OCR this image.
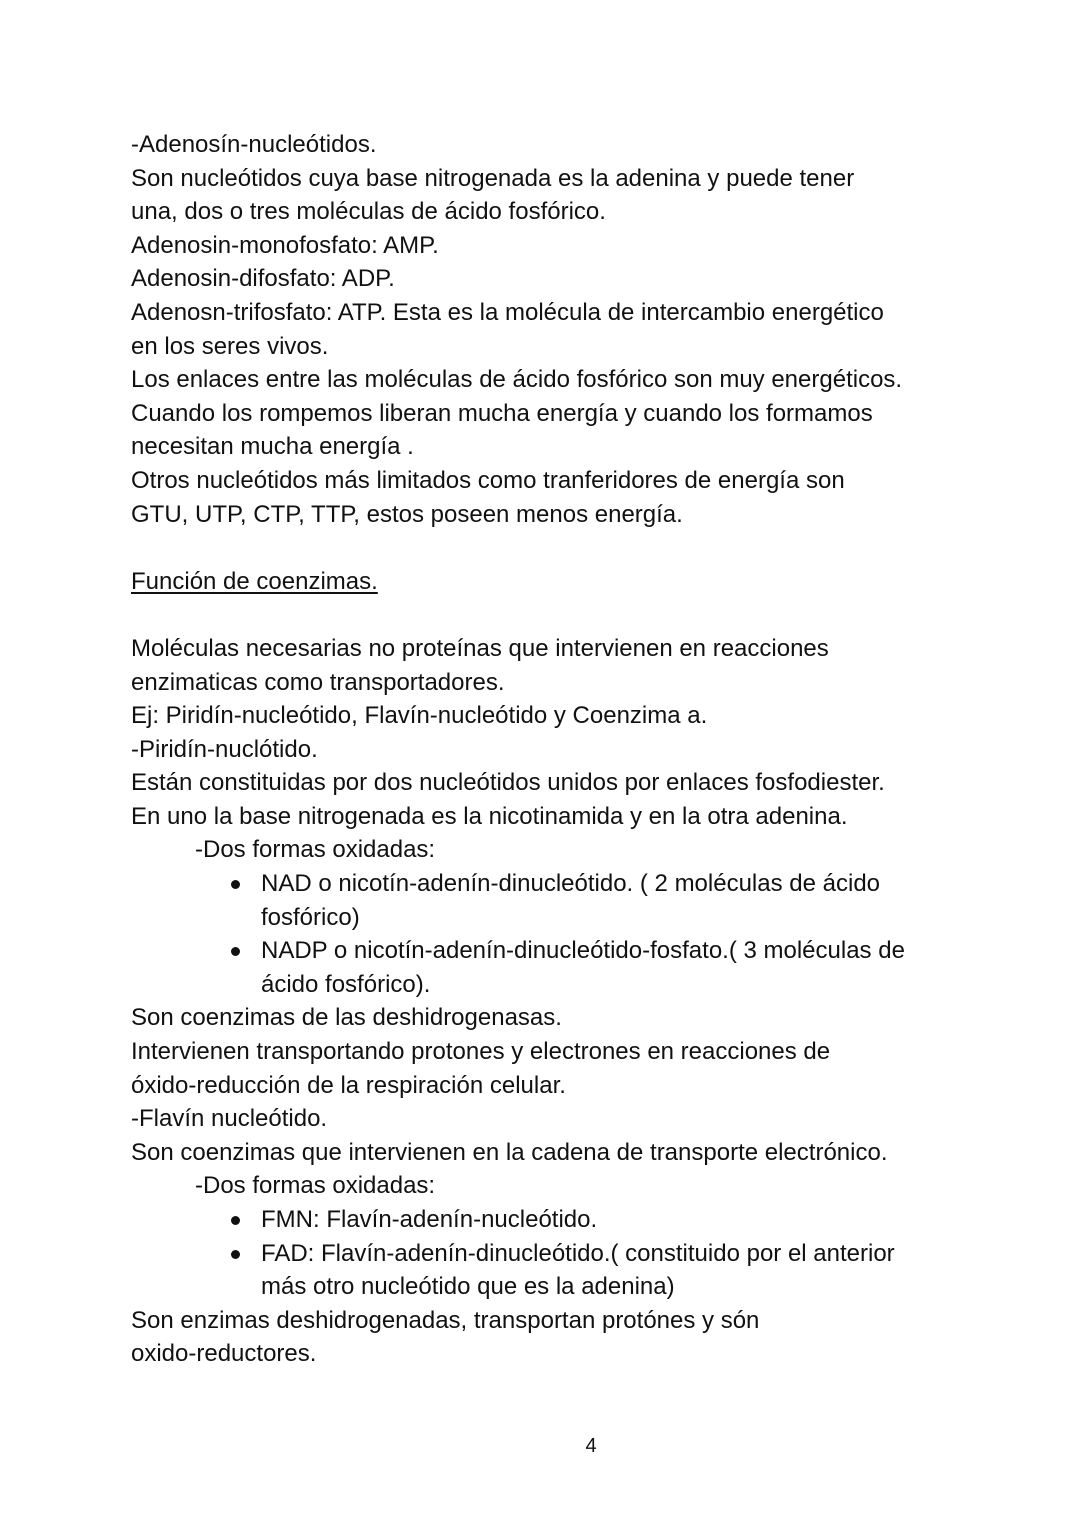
-Adenosín-nucleótidos.
Son nucleótidos cuya base nitrogenada es la adenina y puede tener
una, dos o tres moléculas de ácido fosfórico.
Adenosin-monofosfato: AMP.
Adenosin-difosfato: ADP.
Adenosn-trifosfato: ATP. Esta es la molécula de intercambio energético
en los seres vivos.
Los enlaces entre las moléculas de ácido fosfórico son muy energéticos.
Cuando los rompemos liberan mucha energía y cuando los formamos
necesitan mucha energía .
Otros nucleótidos más limitados como tranferidores de energía son
GTU, UTP, CTP, TTP, estos poseen menos energía.
Función de coenzimas.
Moléculas necesarias no proteínas que intervienen en reacciones
enzimaticas como transportadores.
Ej: Piridín-nucleótido, Flavín-nucleótido y Coenzima a.
-Piridín-nuclótido.
Están constituidas por dos nucleótidos unidos por enlaces fosfodiester.
En uno la base nitrogenada es la nicotinamida y en la otra adenina.
-Dos formas oxidadas:
NAD o nicotín-adenín-dinucleótido. ( 2 moléculas de ácido
fosfórico)
NADP o nicotín-adenín-dinucleótido-fosfato.( 3 moléculas de
ácido fosfórico).
Son coenzimas de las deshidrogenasas.
Intervienen transportando protones y electrones en reacciones de
óxido-reducción de la respiración celular.
-Flavín nucleótido.
Son coenzimas que intervienen en la cadena de transporte electrónico.
-Dos formas oxidadas:
FMN: Flavín-adenín-nucleótido.
FAD: Flavín-adenín-dinucleótido.( constituido por el anterior
más otro nucleótido que es la adenina)
Son enzimas deshidrogenadas, transportan protónes y són
oxido-reductores.
4
